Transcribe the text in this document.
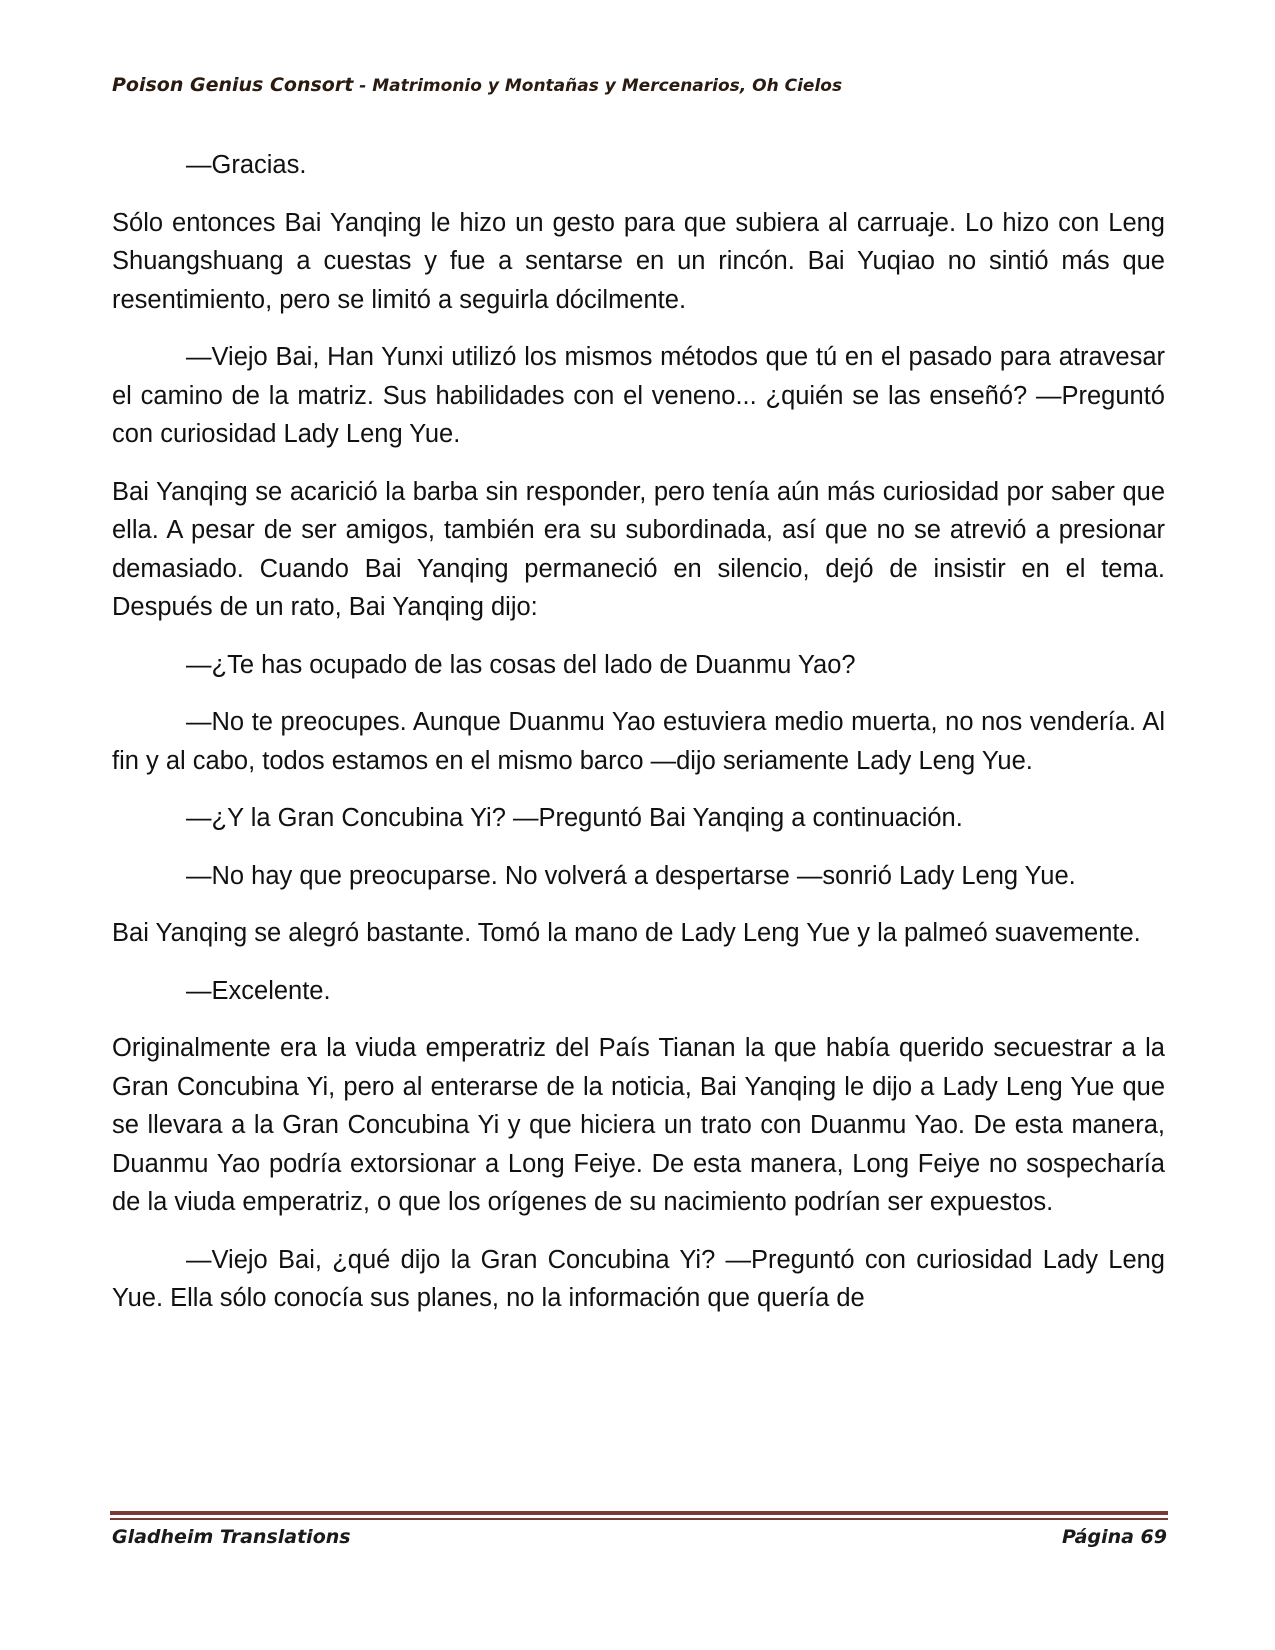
Poison Genius Consort - Matrimonio y Montañas y Mercenarios, Oh Cielos

—Gracias.

Sólo entonces Bai Yanqing le hizo un gesto para que subiera al carruaje. Lo hizo con Leng Shuangshuang a cuestas y fue a sentarse en un rincón. Bai Yuqiao no sintió más que resentimiento, pero se limitó a seguirla dócilmente.

—Viejo Bai, Han Yunxi utilizó los mismos métodos que tú en el pasado para atravesar el camino de la matriz. Sus habilidades con el veneno... ¿quién se las enseñó? —Preguntó con curiosidad Lady Leng Yue.

Bai Yanqing se acarició la barba sin responder, pero tenía aún más curiosidad por saber que ella. A pesar de ser amigos, también era su subordinada, así que no se atrevió a presionar demasiado. Cuando Bai Yanqing permaneció en silencio, dejó de insistir en el tema. Después de un rato, Bai Yanqing dijo:

—¿Te has ocupado de las cosas del lado de Duanmu Yao?

—No te preocupes. Aunque Duanmu Yao estuviera medio muerta, no nos vendería. Al fin y al cabo, todos estamos en el mismo barco —dijo seriamente Lady Leng Yue.

—¿Y la Gran Concubina Yi? —Preguntó Bai Yanqing a continuación.

—No hay que preocuparse. No volverá a despertarse —sonrió Lady Leng Yue.

Bai Yanqing se alegró bastante. Tomó la mano de Lady Leng Yue y la palmeó suavemente.

—Excelente.

Originalmente era la viuda emperatriz del País Tianan la que había querido secuestrar a la Gran Concubina Yi, pero al enterarse de la noticia, Bai Yanqing le dijo a Lady Leng Yue que se llevara a la Gran Concubina Yi y que hiciera un trato con Duanmu Yao. De esta manera, Duanmu Yao podría extorsionar a Long Feiye. De esta manera, Long Feiye no sospecharía de la viuda emperatriz, o que los orígenes de su nacimiento podrían ser expuestos.

—Viejo Bai, ¿qué dijo la Gran Concubina Yi? —Preguntó con curiosidad Lady Leng Yue. Ella sólo conocía sus planes, no la información que quería de

Gladheim Translations	Página 69
